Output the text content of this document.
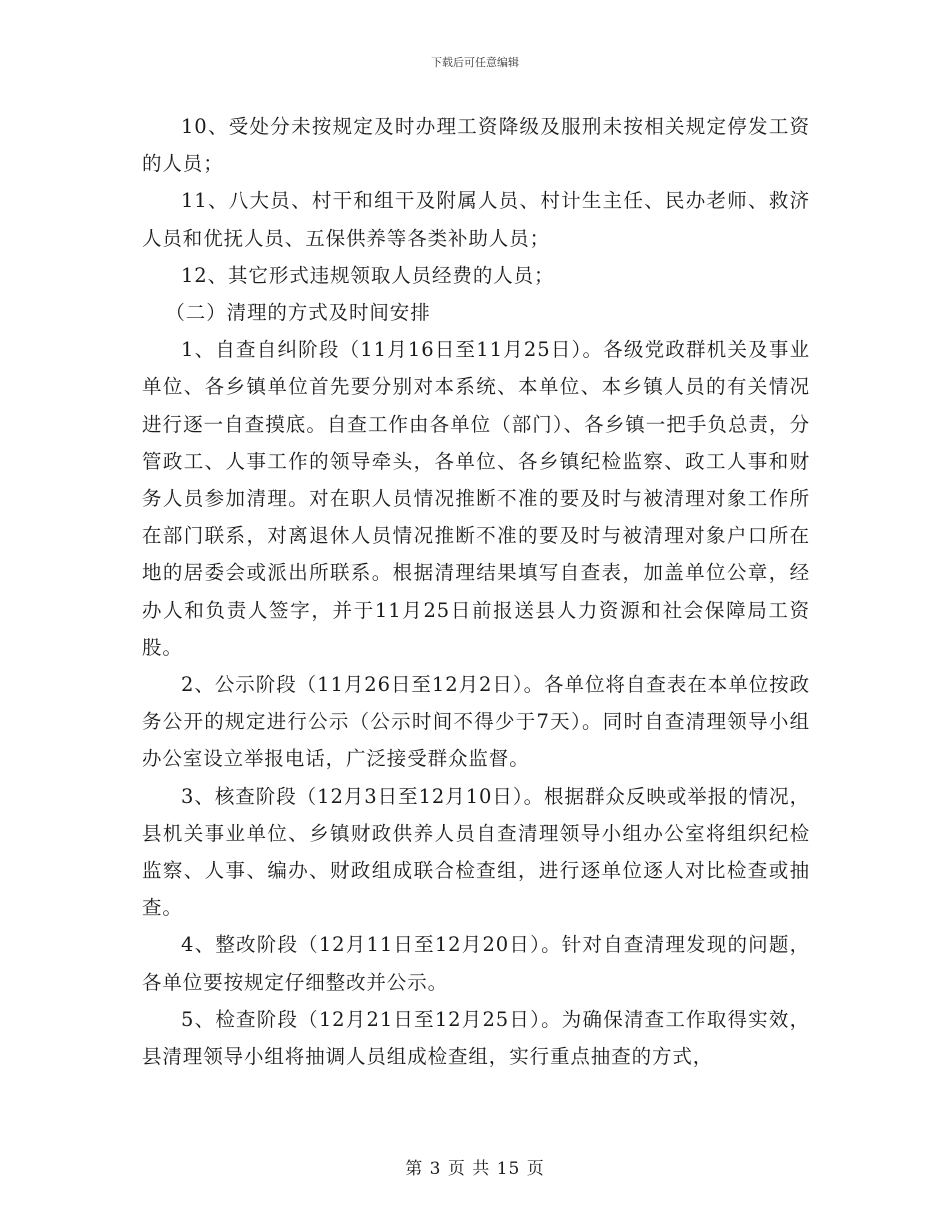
下载后可任意编辑

10、受处分未按规定及时办理工资降级及服刑未按相关规定停发工资的人员；

11、八大员、村干和组干及附属人员、村计生主任、民办老师、救济人员和优抚人员、五保供养等各类补助人员；

12、其它形式违规领取人员经费的人员；

（二）清理的方式及时间安排

1、自查自纠阶段（11月16日至11月25日）。各级党政群机关及事业单位、各乡镇单位首先要分别对本系统、本单位、本乡镇人员的有关情况进行逐一自查摸底。自查工作由各单位（部门）、各乡镇一把手负总责，分管政工、人事工作的领导牵头，各单位、各乡镇纪检监察、政工人事和财务人员参加清理。对在职人员情况推断不准的要及时与被清理对象工作所在部门联系，对离退休人员情况推断不准的要及时与被清理对象户口所在地的居委会或派出所联系。根据清理结果填写自查表，加盖单位公章，经办人和负责人签字，并于11月25日前报送县人力资源和社会保障局工资股。

2、公示阶段（11月26日至12月2日）。各单位将自查表在本单位按政务公开的规定进行公示（公示时间不得少于7天）。同时自查清理领导小组办公室设立举报电话，广泛接受群众监督。

3、核查阶段（12月3日至12月10日）。根据群众反映或举报的情况，县机关事业单位、乡镇财政供养人员自查清理领导小组办公室将组织纪检监察、人事、编办、财政组成联合检查组，进行逐单位逐人对比检查或抽查。

4、整改阶段（12月11日至12月20日）。针对自查清理发现的问题，各单位要按规定仔细整改并公示。

5、检查阶段（12月21日至12月25日）。为确保清查工作取得实效，县清理领导小组将抽调人员组成检查组，实行重点抽查的方式，

第 3 页 共 15 页
